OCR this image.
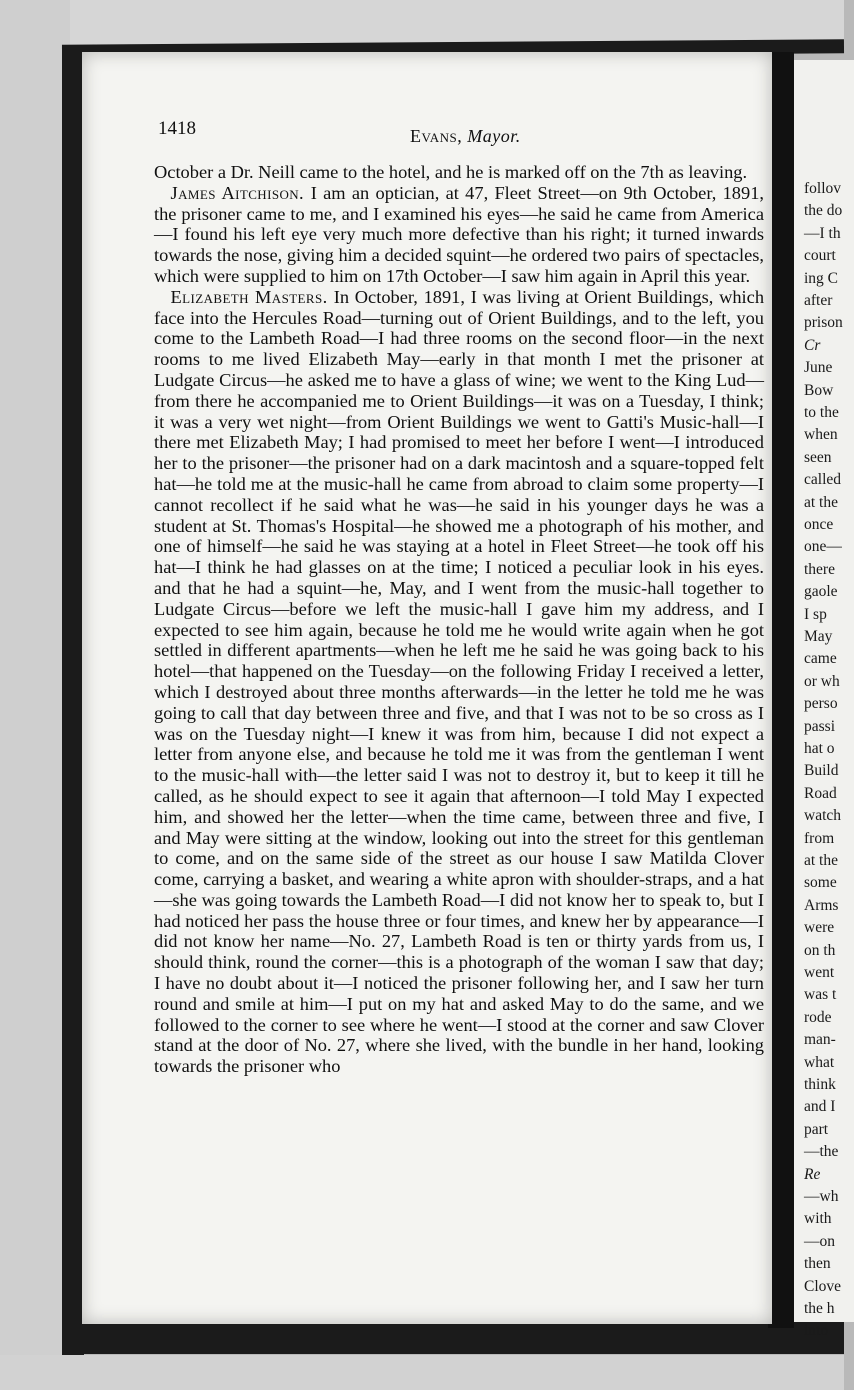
1418	Evans, Mayor.

October a Dr. Neill came to the hotel, and he is marked off on the 7th as leaving.

James Aitchison. I am an optician, at 47, Fleet Street—on 9th October, 1891, the prisoner came to me, and I examined his eyes—he said he came from America—I found his left eye very much more defective than his right; it turned inwards towards the nose, giving him a decided squint—he ordered two pairs of spectacles, which were supplied to him on 17th October—I saw him again in April this year.

Elizabeth Masters. In October, 1891, I was living at Orient Buildings, which face into the Hercules Road—turning out of Orient Buildings, and to the left, you come to the Lambeth Road—I had three rooms on the second floor—in the next rooms to me lived Elizabeth May—early in that month I met the prisoner at Ludgate Circus—he asked me to have a glass of wine; we went to the King Lud—from there he accompanied me to Orient Buildings—it was on a Tuesday, I think; it was a very wet night—from Orient Buildings we went to Gatti's Music-hall—I there met Elizabeth May; I had promised to meet her before I went—I introduced her to the prisoner—the prisoner had on a dark macintosh and a square-topped felt hat—he told me at the music-hall he came from abroad to claim some property—I cannot recollect if he said what he was—he said in his younger days he was a student at St. Thomas's Hospital—he showed me a photograph of his mother, and one of himself—he said he was staying at a hotel in Fleet Street—he took off his hat—I think he had glasses on at the time; I noticed a peculiar look in his eyes. and that he had a squint—he, May, and I went from the music-hall together to Ludgate Circus—before we left the music-hall I gave him my address, and I expected to see him again, because he told me he would write again when he got settled in different apartments—when he left me he said he was going back to his hotel—that happened on the Tuesday—on the following Friday I received a letter, which I destroyed about three months afterwards—in the letter he told me he was going to call that day between three and five, and that I was not to be so cross as I was on the Tuesday night—I knew it was from him, because I did not expect a letter from anyone else, and because he told me it was from the gentleman I went to the music-hall with—the letter said I was not to destroy it, but to keep it till he called, as he should expect to see it again that afternoon—I told May I expected him, and showed her the letter—when the time came, between three and five, I and May were sitting at the window, looking out into the street for this gentleman to come, and on the same side of the street as our house I saw Matilda Clover come, carrying a basket, and wearing a white apron with shoulder-straps, and a hat—she was going towards the Lambeth Road—I did not know her to speak to, but I had noticed her pass the house three or four times, and knew her by appearance—I did not know her name—No. 27, Lambeth Road is ten or thirty yards from us, I should think, round the corner—this is a photograph of the woman I saw that day; I have no doubt about it—I noticed the prisoner following her, and I saw her turn round and smile at him—I put on my hat and asked May to do the same, and we followed to the corner to see where he went—I stood at the corner and saw Clover stand at the door of No. 27, where she lived, with the bundle in her hand, looking towards the prisoner who

follov
the do
—I th
court
ing C
after
prison
Cr
June
Bow
to the
when
seen
called
at the
once
one—
there
gaole
I sp
May
came
or wh
perso
passi
hat o
Build
Road
watch
from
at the
some
Arms
were
on th
went
was t
rode
man-
what
think
and I
part
—the
Re
—wh
with
—on
then
Clove
the h
into
